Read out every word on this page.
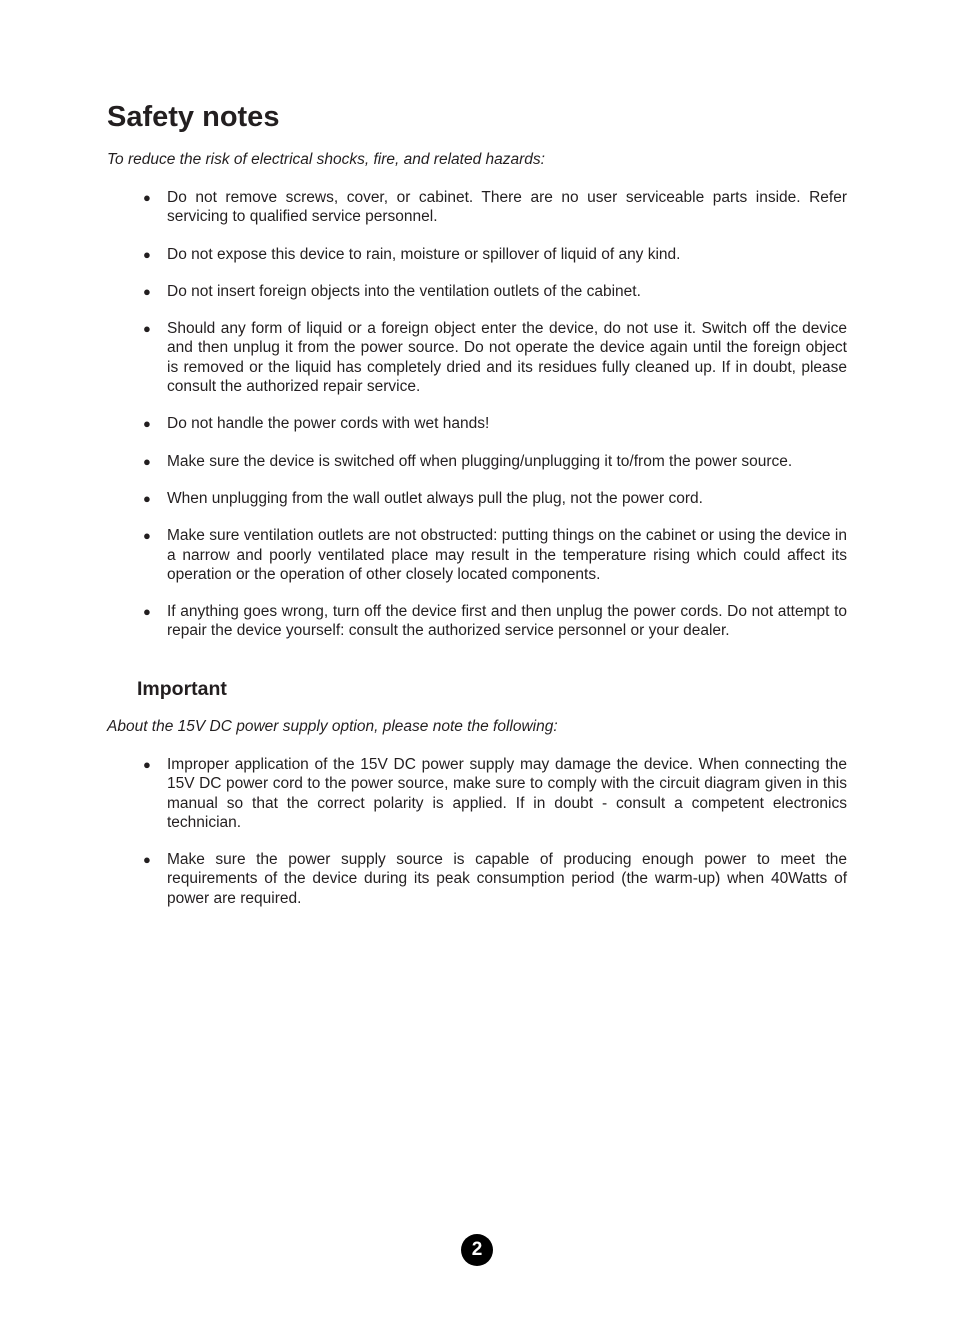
Safety notes

To reduce the risk of electrical shocks, fire, and related hazards:

● Do not remove screws, cover, or cabinet. There are no user serviceable parts inside. Refer servicing to qualified service personnel.
● Do not expose this device to rain, moisture or spillover of liquid of any kind.
● Do not insert foreign objects into the ventilation outlets of the cabinet.
● Should any form of liquid or a foreign object enter the device, do not use it. Switch off the device and then unplug it from the power source. Do not operate the device again until the foreign object is removed or the liquid has completely dried and its residues fully cleaned up. If in doubt, please consult the authorized repair service.
● Do not handle the power cords with wet hands!
● Make sure the device is switched off when plugging/unplugging it to/from the power source.
● When unplugging from the wall outlet always pull the plug, not the power cord.
● Make sure ventilation outlets are not obstructed: putting things on the cabinet or using the device in a narrow and poorly ventilated place may result in the temperature rising which could affect its operation or the operation of other closely located components.
● If anything goes wrong, turn off the device first and then unplug the power cords. Do not attempt to repair the device yourself: consult the authorized service personnel or your dealer.
Important

About the 15V DC power supply option, please note the following:

● Improper application of the 15V DC power supply may damage the device. When connecting the 15V DC power cord to the power source, make sure to comply with the circuit diagram given in this manual so that the correct polarity is applied. If in doubt - consult a competent electronics technician.
● Make sure the power supply source is capable of producing enough power to meet the requirements of the device during its peak consumption period (the warm-up) when 40Watts of power are required.
2
